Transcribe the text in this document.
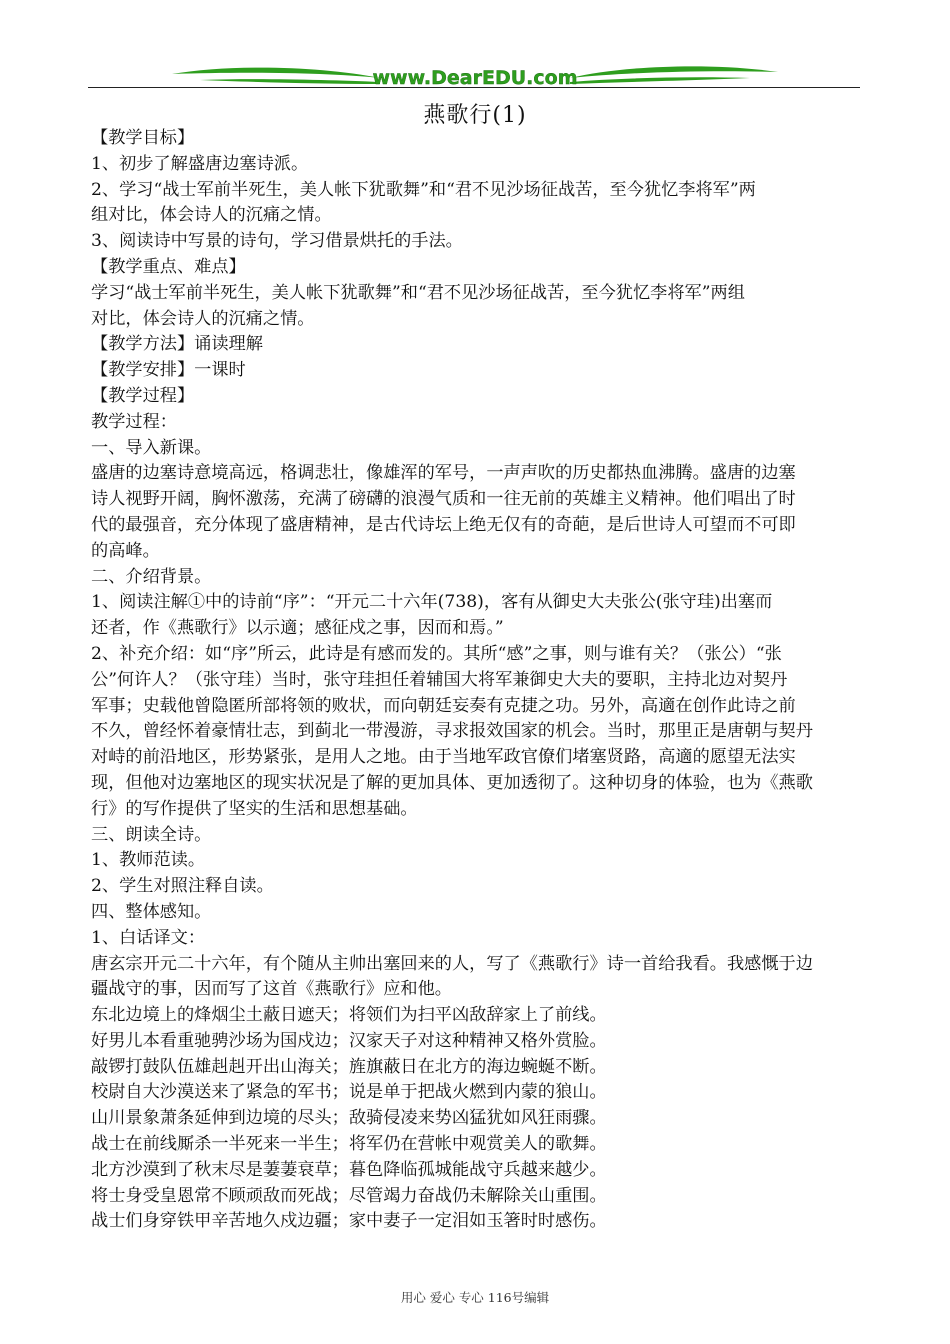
www.DearEDU.com
燕歌行(1)

【教学目标】

1、初步了解盛唐边塞诗派。

2、学习“战士军前半死生，美人帐下犹歌舞”和“君不见沙场征战苦，至今犹忆李将军”两

组对比，体会诗人的沉痛之情。

3、阅读诗中写景的诗句，学习借景烘托的手法。

【教学重点、难点】

学习“战士军前半死生，美人帐下犹歌舞”和“君不见沙场征战苦，至今犹忆李将军”两组

对比，体会诗人的沉痛之情。

【教学方法】诵读理解

【教学安排】一课时

【教学过程】

教学过程：

一、导入新课。

盛唐的边塞诗意境高远，格调悲壮，像雄浑的军号，一声声吹的历史都热血沸腾。盛唐的边塞

诗人视野开阔，胸怀激荡，充满了磅礴的浪漫气质和一往无前的英雄主义精神。他们唱出了时

代的最强音，充分体现了盛唐精神，是古代诗坛上绝无仅有的奇葩，是后世诗人可望而不可即

的高峰。

二、介绍背景。

1、阅读注解①中的诗前“序”：“开元二十六年(738)，客有从御史大夫张公(张守珪)出塞而

还者，作《燕歌行》以示適；感征戍之事，因而和焉。”

2、补充介绍：如“序”所云，此诗是有感而发的。其所“感”之事，则与谁有关？（张公）“张

公”何许人？（张守珪）当时，张守珪担任着辅国大将军兼御史大夫的要职，主持北边对契丹

军事；史载他曾隐匿所部将领的败状，而向朝廷妄奏有克捷之功。另外，高適在创作此诗之前

不久，曾经怀着豪情壮志，到蓟北一带漫游，寻求报效国家的机会。当时，那里正是唐朝与契丹

对峙的前沿地区，形势紧张，是用人之地。由于当地军政官僚们堵塞贤路，高適的愿望无法实

现，但他对边塞地区的现实状况是了解的更加具体、更加透彻了。这种切身的体验，也为《燕歌

行》的写作提供了坚实的生活和思想基础。

三、朗读全诗。

1、教师范读。

2、学生对照注释自读。

四、整体感知。

1、白话译文：

唐玄宗开元二十六年，有个随从主帅出塞回来的人，写了《燕歌行》诗一首给我看。我感慨于边

疆战守的事，因而写了这首《燕歌行》应和他。

东北边境上的烽烟尘土蔽日遮天；将领们为扫平凶敌辞家上了前线。

好男儿本看重驰骋沙场为国戍边；汉家天子对这种精神又格外赏脸。

敲锣打鼓队伍雄赳赳开出山海关；旌旗蔽日在北方的海边蜿蜒不断。

校尉自大沙漠送来了紧急的军书；说是单于把战火燃到内蒙的狼山。

山川景象萧条延伸到边境的尽头；敌骑侵凌来势凶猛犹如风狂雨骤。

战士在前线厮杀一半死来一半生；将军仍在营帐中观赏美人的歌舞。

北方沙漠到了秋末尽是萋萋衰草；暮色降临孤城能战守兵越来越少。

将士身受皇恩常不顾顽敌而死战；尽管竭力奋战仍未解除关山重围。

战士们身穿铁甲辛苦地久戍边疆；家中妻子一定泪如玉箸时时感伤。

用心 爱心 专心 116号编辑
